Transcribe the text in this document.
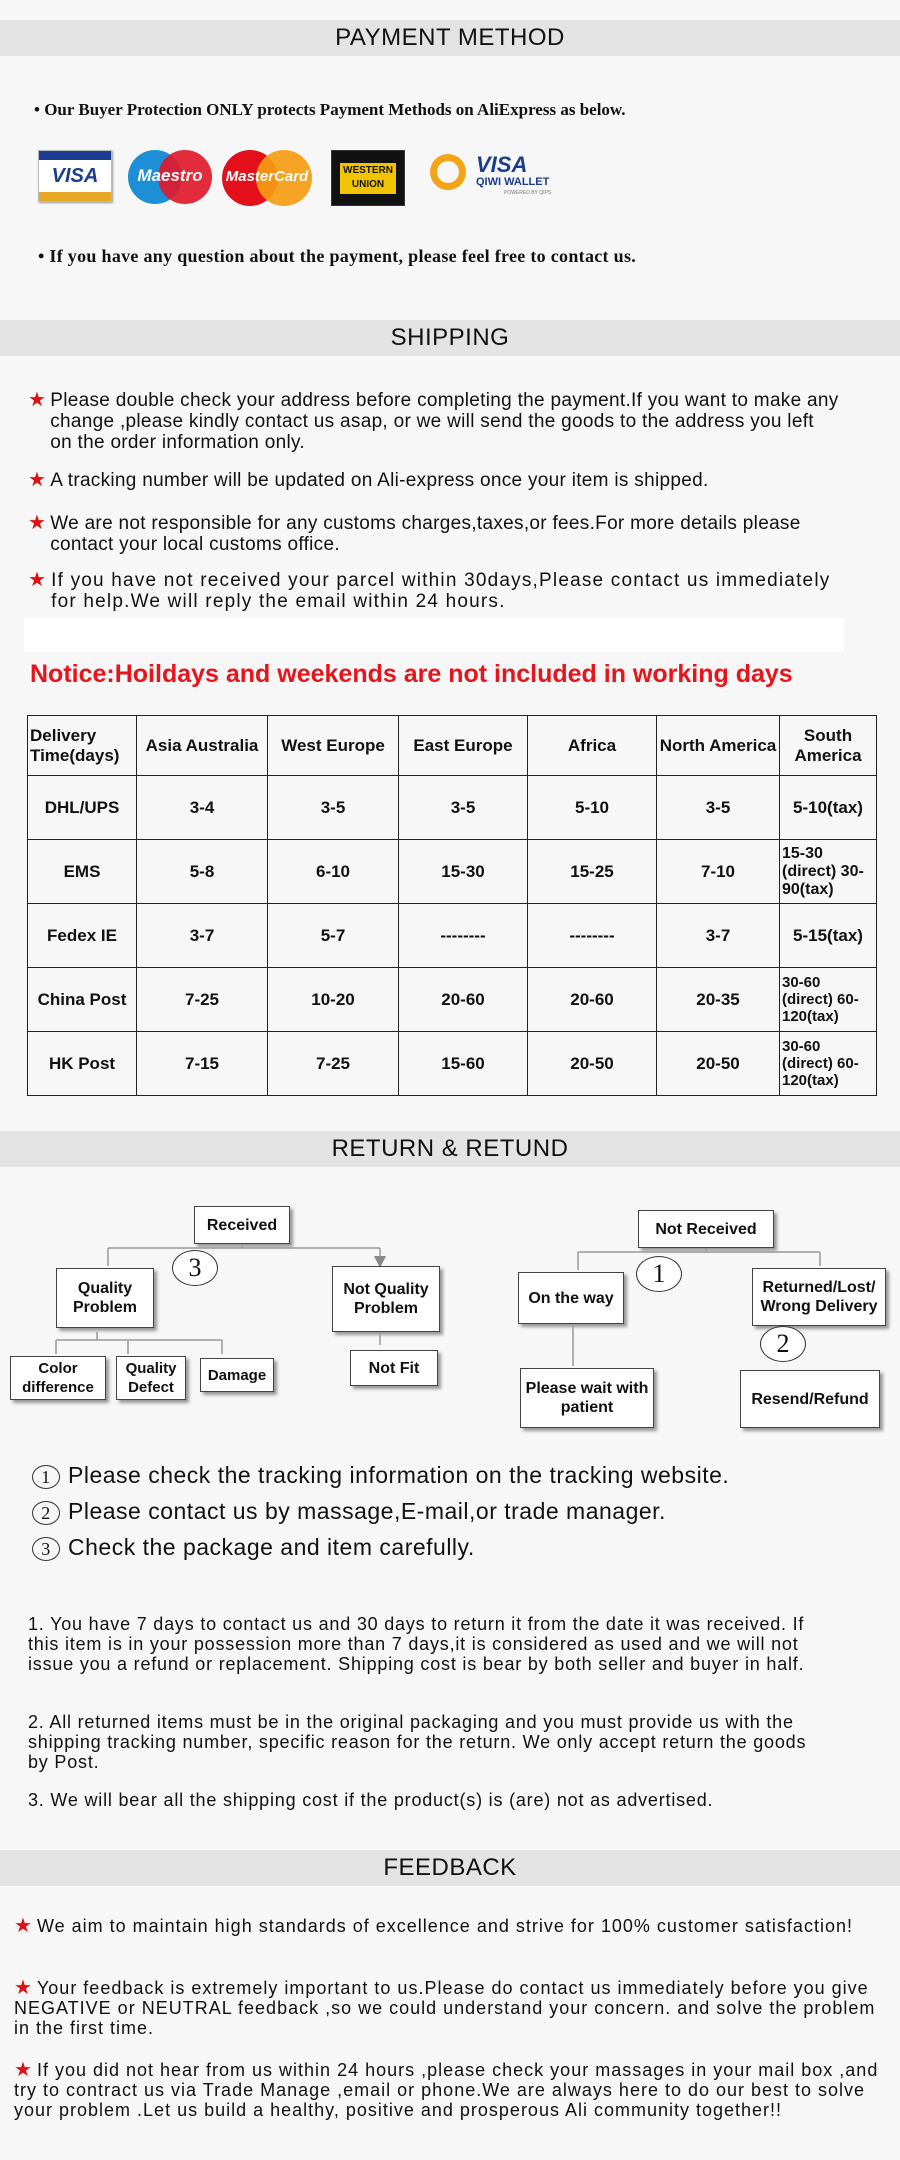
PAYMENT METHOD
• Our Buyer Protection ONLY protects Payment Methods on AliExpress as below.
VISA	Maestro	MasterCard	WESTERN
UNION
VISA
QIWI WALLET
POWERED BY QIPS
• If you have any question about the payment, please feel free to contact us.
SHIPPING
★ Please double check your address before completing the payment.If you want to make any change ,please kindly contact us asap, or we will send the goods to the address you left on the order information only.
★ A tracking number will be updated on Ali-express once your item is shipped.
★ We are not responsible for any customs charges,taxes,or fees.For more details please contact your local customs office.
★ If you have not received your parcel within 30days,Please contact us immediately for help.We will reply the email within 24 hours.
Notice:Hoildays and weekends are not included in working days
Delivery Time(days)	Asia Australia	West Europe	East Europe	Africa	North America	South America
DHL/UPS	3-4	3-5	3-5	5-10	3-5	5-10(tax)
EMS	5-8	6-10	15-30	15-25	7-10	15-30 (direct) 30-90(tax)
Fedex IE	3-7	5-7	--------	--------	3-7	5-15(tax)
China Post	7-25	10-20	20-60	20-60	20-35	30-60 (direct) 60-120(tax)
HK Post	7-15	7-25	15-60	20-50	20-50	30-60 (direct) 60-120(tax)
RETURN & RETUND
Received
3
Quality Problem
Not Quality Problem
Color difference
Quality Defect
Damage	Not Fit
Not Received
1
On the way
Returned/Lost/ Wrong Delivery
2
Please wait with patient	Resend/Refund
1 Please check the tracking information on the tracking website.
2 Please contact us by massage,E-mail,or trade manager.
3 Check the package and item carefully.
1. You have 7 days to contact us and 30 days to return it from the date it was received. If this item is in your possession more than 7 days,it is considered as used and we will not issue you a refund or replacement. Shipping cost is bear by both seller and buyer in half.
2. All returned items must be in the original packaging and you must provide us with the shipping tracking number, specific reason for the return. We only accept return the goods by Post.
3. We will bear all the shipping cost if the product(s) is (are) not as advertised.
FEEDBACK
★ We aim to maintain high standards of excellence and strive for 100% customer satisfaction!
★ Your feedback is extremely important to us.Please do contact us immediately before you give NEGATIVE or NEUTRAL feedback ,so we could understand your concern. and solve the problem in the first time.
★ If you did not hear from us within 24 hours ,please check your massages in your mail box ,and try to contract us via Trade Manage ,email or phone.We are always here to do our best to solve your problem .Let us build a healthy, positive and prosperous Ali community together!!
